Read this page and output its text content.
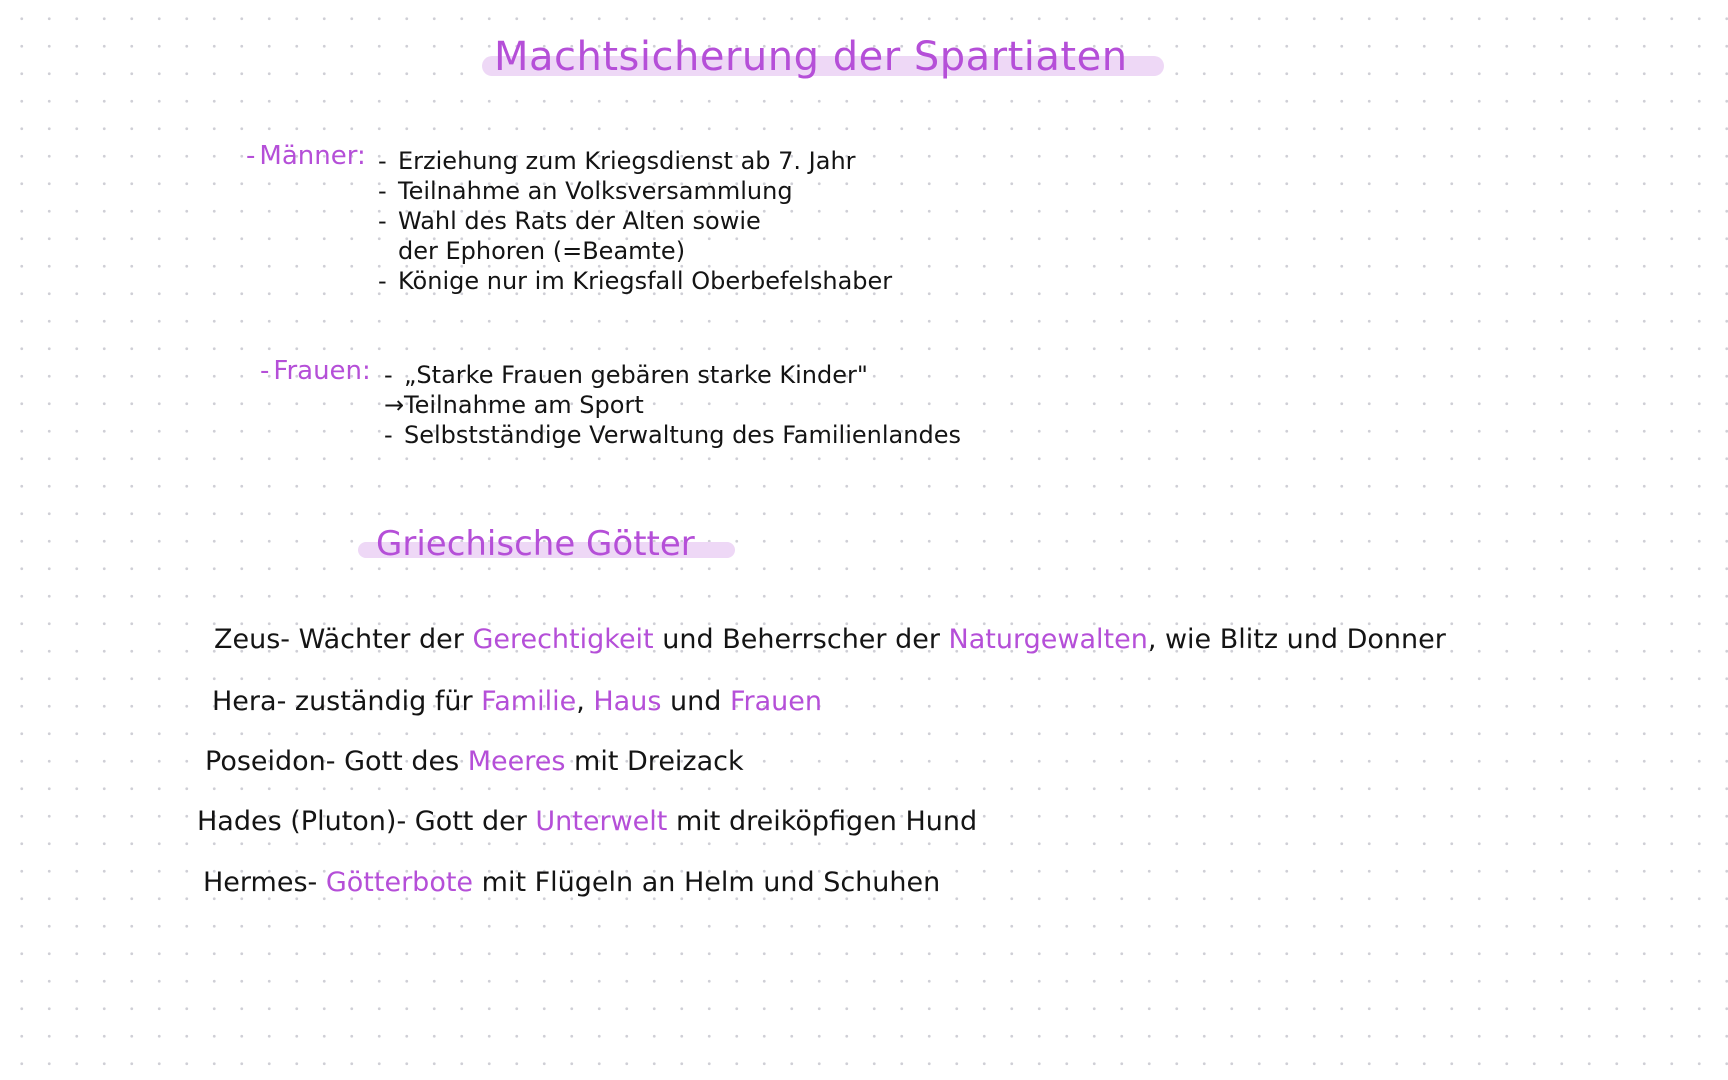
Machtsicherung der Spartiaten
- Männer: - Erziehung zum Kriegsdienst ab 7. Jahr
- Teilnahme an Volksversammlung
- Wahl des Rats der Alten sowie
der Ephoren (=Beamte)
- Könige nur im Kriegsfall Oberbefelshaber
- Frauen: - „Starke Frauen gebären starke Kinder"
→Teilnahme am Sport
- Selbstständige Verwaltung des Familienlandes
Griechische Götter
Zeus- Wächter der Gerechtigkeit und Beherrscher der Naturgewalten, wie Blitz und Donner
Hera- zuständig für Familie, Haus und Frauen
Poseidon- Gott des Meeres mit Dreizack
Hades (Pluton)- Gott der Unterwelt mit dreiköpfigen Hund
Hermes- Götterbote mit Flügeln an Helm und Schuhen
